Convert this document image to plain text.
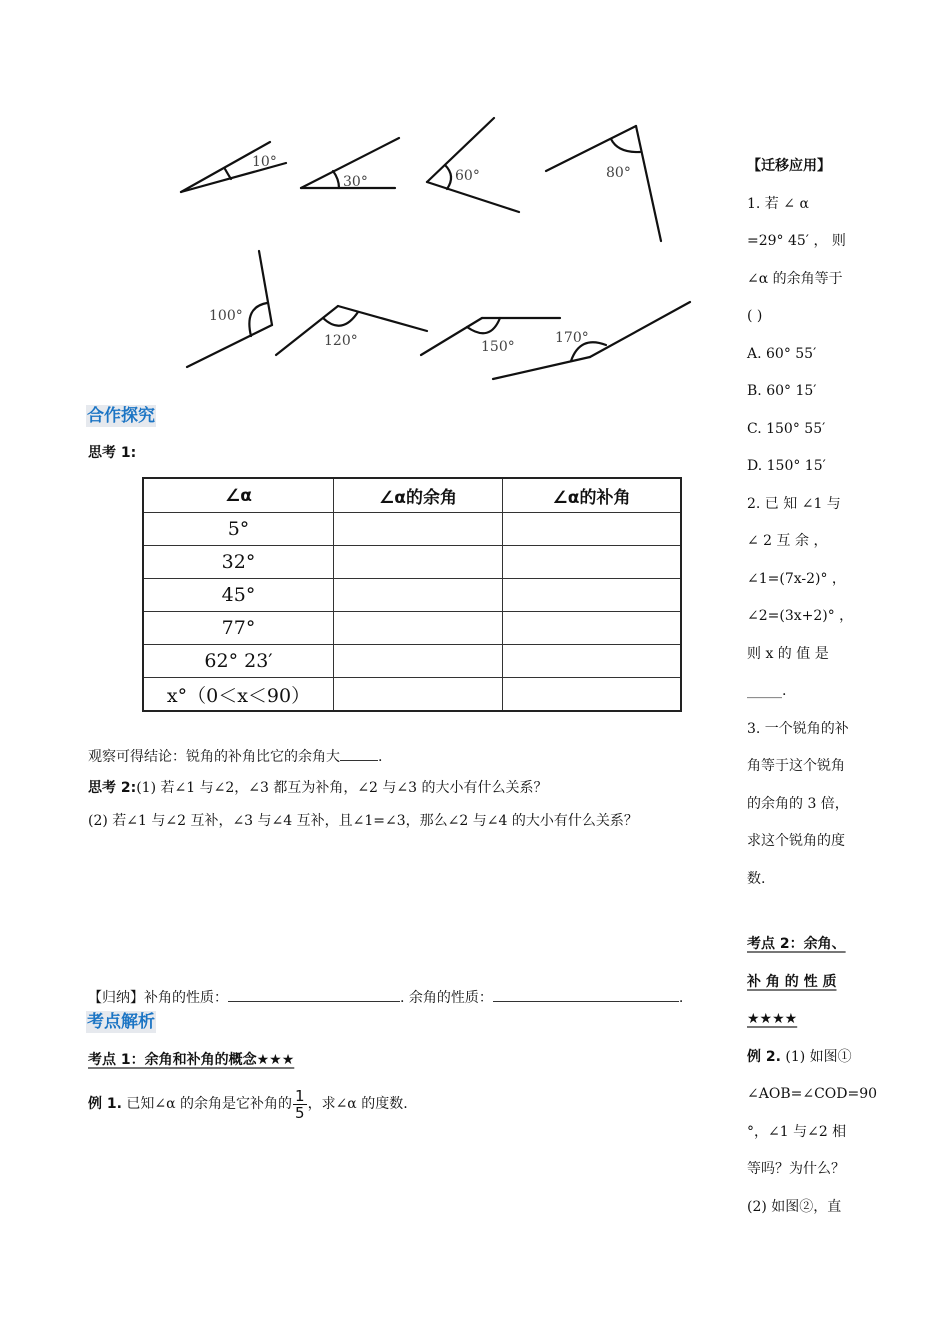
10°
30°	60°	80°
100°
120°	150°
170°
合作探究
思考 1:
∠α	∠α的余角	∠α的补角
5°		
32°		
45°		
77°		
62° 23′		
x°（0＜x＜90）		
观察可得结论：锐角的补角比它的余角大	.
思考 2:(1) 若∠1 与∠2，∠3 都互为补角，∠2 与∠3 的大小有什么关系？
(2) 若∠1 与∠2 互补，∠3 与∠4 互补，且∠1=∠3，那么∠2 与∠4 的大小有什么关系？
【归纳】补角的性质：	. 余角的性质：	.
考点解析
考点 1：余角和补角的概念★★★
例 1. 已知∠α 的余角是它补角的 $\frac{1}{5}$ ，求∠α 的度数.
【迁移应用】
1. 若 ∠ α
=29° 45′ ， 则
∠α 的余角等于
( )
A. 60° 55′
B. 60° 15′
C. 150° 55′
D. 150° 15′
2. 已 知 ∠1 与
∠ 2 互 余 ，
∠1=(7x-2)° ，
∠2=(3x+2)° ，
则 x 的 值 是
_____.
3. 一个锐角的补
角等于这个锐角
的余角的 3 倍，
求这个锐角的度
数.
考点 2：余角、
补 角 的 性 质
★★★★
例 2. (1) 如图①
∠AOB=∠COD=90
°，∠1 与∠2 相
等吗？为什么？
(2) 如图②，直
